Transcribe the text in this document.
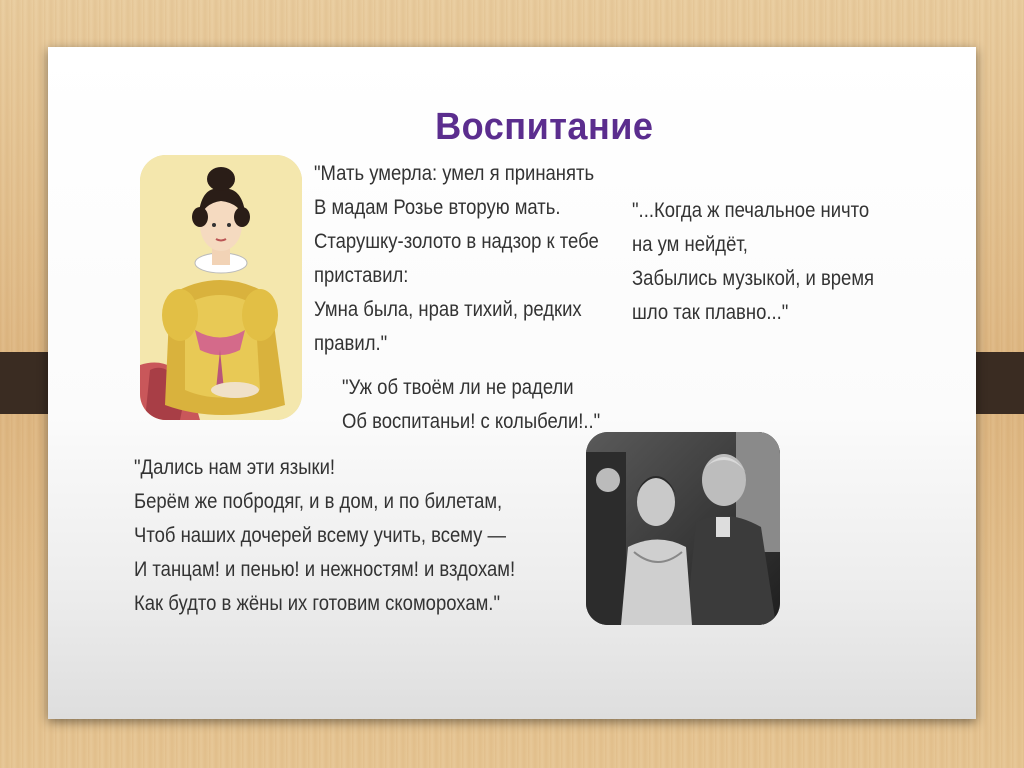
Воспитание
"Мать умерла: умел я принанять
В мадам Розье вторую мать.
Старушку-золото в надзор к тебе
приставил:
Умна была, нрав тихий, редких
правил."
"...Когда ж печальное ничто
на ум нейдёт,
Забылись музыкой, и время
шло так плавно..."
"Уж об твоём ли не радели
Об воспитаньи! с колыбели!.."
"Дались нам эти языки!
Берём же побродяг, и в дом, и по билетам,
Чтоб наших дочерей всему учить, всему —
И танцам! и пенью! и нежностям! и вздохам!
Как будто в жёны их готовим скоморохам."
